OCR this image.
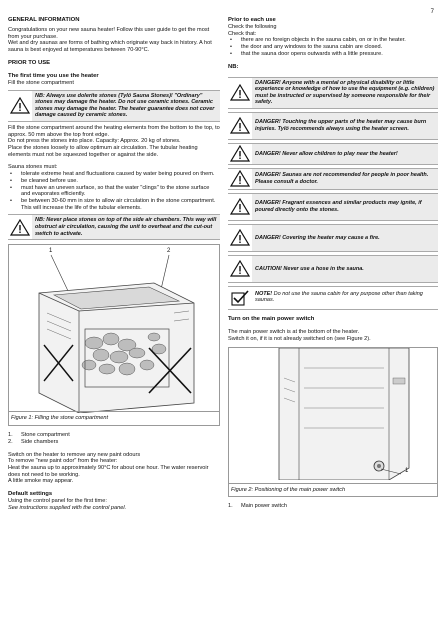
7
GENERAL INFORMATION

Congratulations on your new sauna heater! Follow this user guide to get the most from your purchase.

Wet and dry saunas are forms of bathing which originate way back in history. A hot sauna is best enjoyed at temperatures between 70-90°C.

PRIOR TO USE
The first time you use the heater

Fill the stone compartment

NB: Always use dolerite stones (Tylö Sauna Stones)! "Ordinary" stones may damage the heater. Do not use ceramic stones. Ceramic stones may damage the heater. The heater guarantee does not cover damage caused by ceramic stones.

Fill the stone compartment around the heating elements from the bottom to the top, to approx. 50 mm above the top front edge.

Do not press the stones into place. Capacity: Approx. 20 kg of stones.

Place the stones loosely to allow optimum air circulation. The tubular heating elements must not be squeezed together or against the side.

Sauna stones must:

• tolerate extreme heat and fluctuations caused by water being poured on them.
• be cleaned before use.
• must have an uneven surface, so that the water "clings" to the stone surface and evaporates efficiently.
• be between 30-60 mm in size to allow air circulation in the stone compartment. This will increase the life of the tubular elements.
NB: Never place stones on top of the side air chambers. This way will obstruct air circulation, causing the unit to overheat and the cut-out switch to activate.
1	2
Figure 1: Filling the stone compartment
1. Stone compartment
2. Side chambers

Switch on the heater to remove any new paint odours

To remove "new paint odor" from the heater:

Heat the sauna up to approximately 90°C for about one hour. The water reservoir does not need to be working.

A little smoke may appear.

Default settings

Using the control panel for the first time:

See instructions supplied with the control panel.

Prior to each use

Check the following

Check that:

• there are no foreign objects in the sauna cabin, on or in the heater.
• the door and any windows to the sauna cabin are closed.
• that the sauna door opens outwards with a little pressure.
NB:
DANGER! Anyone with a mental or physical disability or little experience or knowledge of how to use the equipment (e.g. children) must be instructed or supervised by someone responsible for their safety.
DANGER! Touching the upper parts of the heater may cause burn injuries. Tylö recommends always using the heater screen.
DANGER! Never allow children to play near the heater!
DANGER! Saunas are not recommended for people in poor health. Please consult a doctor.
DANGER! Fragrant essences and similar products may ignite, if poured directly onto the stones.
DANGER! Covering the heater may cause a fire.
CAUTION! Never use a hose in the sauna.
NOTE! Do not use the sauna cabin for any purpose other than taking saunas.
Turn on the main power switch

The main power switch is at the bottom of the heater.

Switch it on, if it is not already switched on (see Figure 2).

1
Figure 2: Positioning of the main power switch
1. Main power switch
